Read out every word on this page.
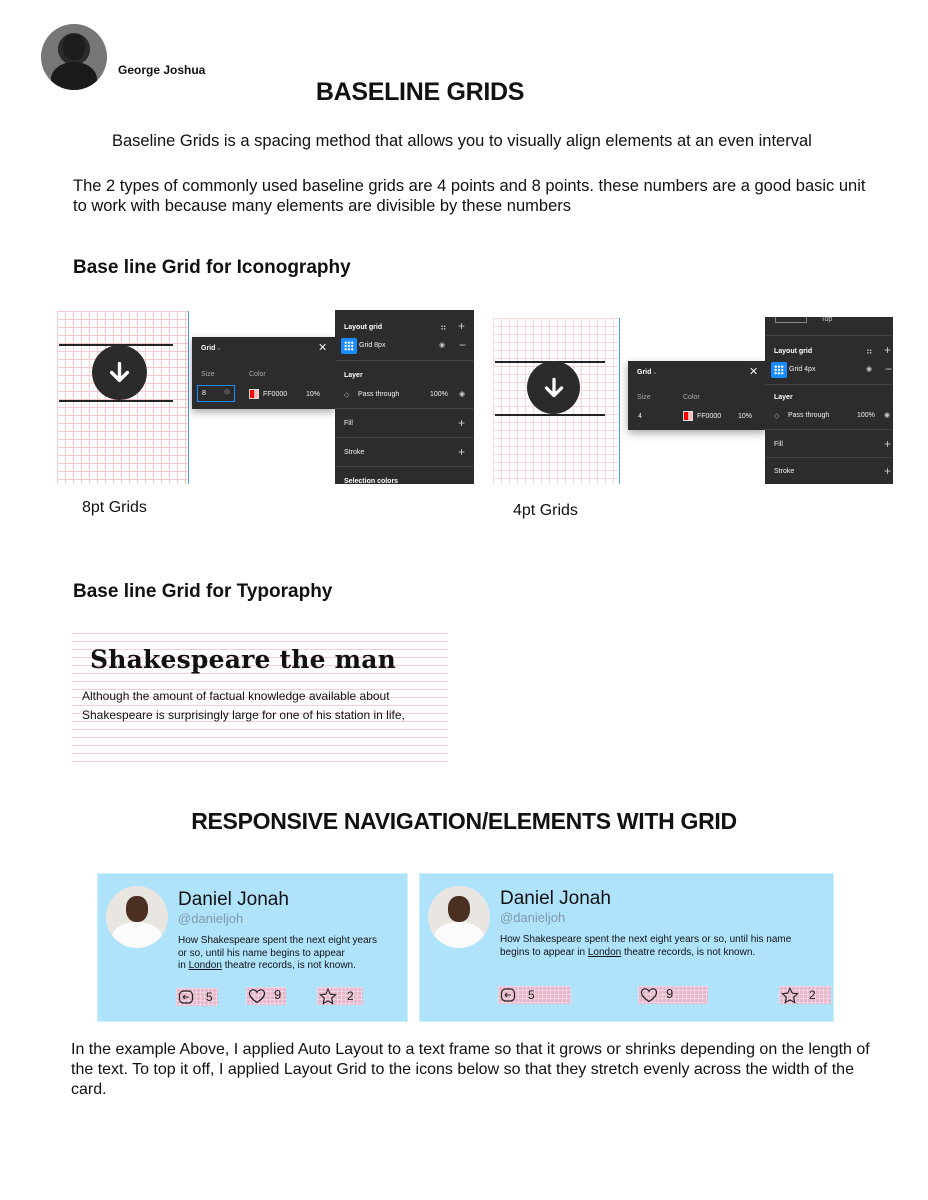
George Joshua
BASELINE GRIDS
Baseline Grids is a spacing method that allows you to visually align elements at an even interval
The 2 types of commonly used baseline grids are 4 points and 8 points. these numbers are a good basic unit to work with because many elements are divisible by these numbers
Base line Grid for Iconography
Grid ⌄	✕
Size	Color
8	⊙	FF0000	10%
Layout grid	⠶ +
Grid 8px	◉ −
Layer
◇ Pass through	100% ◉
Fill	+
Stroke	+
Selection colors
8pt Grids
Grid ⌄	✕
Size	Color
4	FF0000 10%
Top
Layout grid	⠶ +
Grid 4px	◉ −
Layer
◇ Pass through	100% ◉
Fill	+
Stroke	+
4pt Grids
Base line Grid for Typoraphy
Shakespeare the man
Although the amount of factual knowledge available about Shakespeare is surprisingly large for one of his station in life,
RESPONSIVE NAVIGATION/ELEMENTS WITH GRID
Daniel Jonah
@danieljoh
How Shakespeare spent the next eight years
or so, until his name begins to appear
in London theatre records, is not known.
5	9	2
Daniel Jonah
@danieljoh
How Shakespeare spent the next eight years or so, until his name
begins to appear in London theatre records, is not known.
5	9	2
In the example Above, I applied Auto Layout to a text frame so that it grows or shrinks depending on the length of the text. To top it off, I applied Layout Grid to the icons below so that they stretch evenly across the width of the card.
